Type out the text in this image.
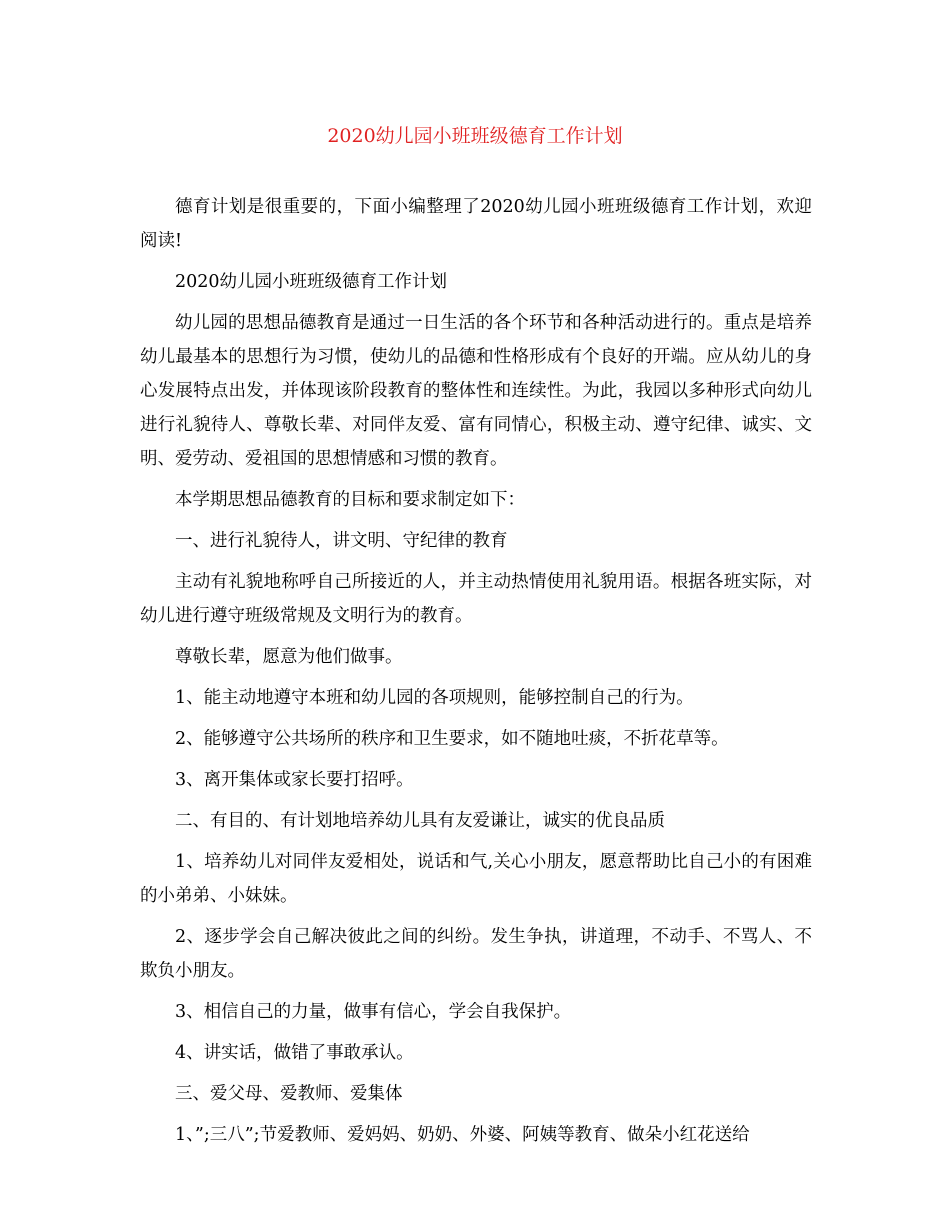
2020幼儿园小班班级德育工作计划

德育计划是很重要的，下面小编整理了2020幼儿园小班班级德育工作计划，欢迎阅读!

2020幼儿园小班班级德育工作计划

幼儿园的思想品德教育是通过一日生活的各个环节和各种活动进行的。重点是培养幼儿最基本的思想行为习惯，使幼儿的品德和性格形成有个良好的开端。应从幼儿的身心发展特点出发，并体现该阶段教育的整体性和连续性。为此，我园以多种形式向幼儿进行礼貌待人、尊敬长辈、对同伴友爱、富有同情心，积极主动、遵守纪律、诚实、文明、爱劳动、爱祖国的思想情感和习惯的教育。

本学期思想品德教育的目标和要求制定如下：

一、进行礼貌待人，讲文明、守纪律的教育

主动有礼貌地称呼自己所接近的人，并主动热情使用礼貌用语。根据各班实际，对幼儿进行遵守班级常规及文明行为的教育。

尊敬长辈，愿意为他们做事。

1、能主动地遵守本班和幼儿园的各项规则，能够控制自己的行为。

2、能够遵守公共场所的秩序和卫生要求，如不随地吐痰，不折花草等。

3、离开集体或家长要打招呼。

二、有目的、有计划地培养幼儿具有友爱谦让，诚实的优良品质

1、培养幼儿对同伴友爱相处，说话和气,关心小朋友，愿意帮助比自己小的有困难的小弟弟、小妹妹。

2、逐步学会自己解决彼此之间的纠纷。发生争执，讲道理，不动手、不骂人、不欺负小朋友。

3、相信自己的力量，做事有信心，学会自我保护。

4、讲实话，做错了事敢承认。

三、爱父母、爱教师、爱集体

1、”;三八”;节爱教师、爱妈妈、奶奶、外婆、阿姨等教育、做朵小红花送给
